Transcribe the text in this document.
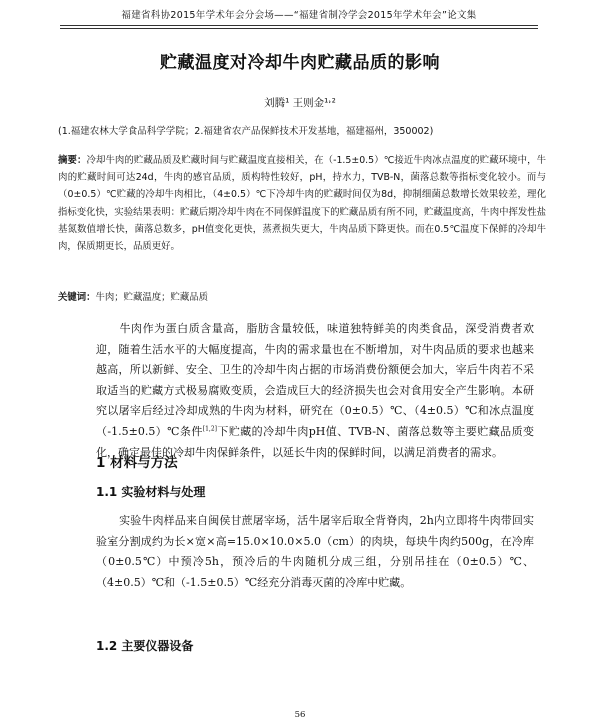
福建省科协2015年学术年会分会场——“福建省制冷学会2015年学术年会”论文集
贮藏温度对冷却牛肉贮藏品质的影响
刘腾¹ 王则金¹˒²
(1.福建农林大学食品科学学院；2.福建省农产品保鲜技术开发基地，福建福州，350002)
摘要：冷却牛肉的贮藏品质及贮藏时间与贮藏温度直接相关，在（-1.5±0.5）℃接近牛肉冰点温度的贮藏环境中，牛肉的贮藏时间可达24d，牛肉的感官品质，质构特性较好，pH，持水力，TVB-N，菌落总数等指标变化较小。而与（0±0.5）℃贮藏的冷却牛肉相比，（4±0.5）℃下冷却牛肉的贮藏时间仅为8d，抑制细菌总数增长效果较差，理化指标变化快，实验结果表明：贮藏后期冷却牛肉在不同保鲜温度下的贮藏品质有所不同，贮藏温度高，牛肉中挥发性盐基氮数值增长快，菌落总数多，pH值变化更快，蒸煮损失更大，牛肉品质下降更快。而在0.5℃温度下保鲜的冷却牛肉，保质期更长，品质更好。
关键词：牛肉；贮藏温度；贮藏品质
牛肉作为蛋白质含量高，脂肪含量较低，味道独特鲜美的肉类食品，深受消费者欢迎，随着生活水平的大幅度提高，牛肉的需求量也在不断增加，对牛肉品质的要求也越来越高，所以新鲜、安全、卫生的冷却牛肉占据的市场消费份额便会加大，宰后牛肉若不采取适当的贮藏方式极易腐败变质，会造成巨大的经济损失也会对食用安全产生影响。本研究以屠宰后经过冷却成熟的牛肉为材料，研究在（0±0.5）℃、（4±0.5）℃和冰点温度（-1.5±0.5）℃条件[1,2]下贮藏的冷却牛肉pH值、TVB-N、菌落总数等主要贮藏品质变化，确定最佳的冷却牛肉保鲜条件，以延长牛肉的保鲜时间，以满足消费者的需求。
1 材料与方法
1.1 实验材料与处理
实验牛肉样品来自闽侯甘蔗屠宰场，活牛屠宰后取全背脊肉，2h内立即将牛肉带回实验室分割成约为长×宽×高=15.0×10.0×5.0（cm）的肉块，每块牛肉约500g，在冷库（0±0.5℃）中预冷5h，预冷后的牛肉随机分成三组，分别吊挂在（0±0.5）℃、（4±0.5）℃和（-1.5±0.5）℃经充分消毒灭菌的冷库中贮藏。
1.2 主要仪器设备
56
